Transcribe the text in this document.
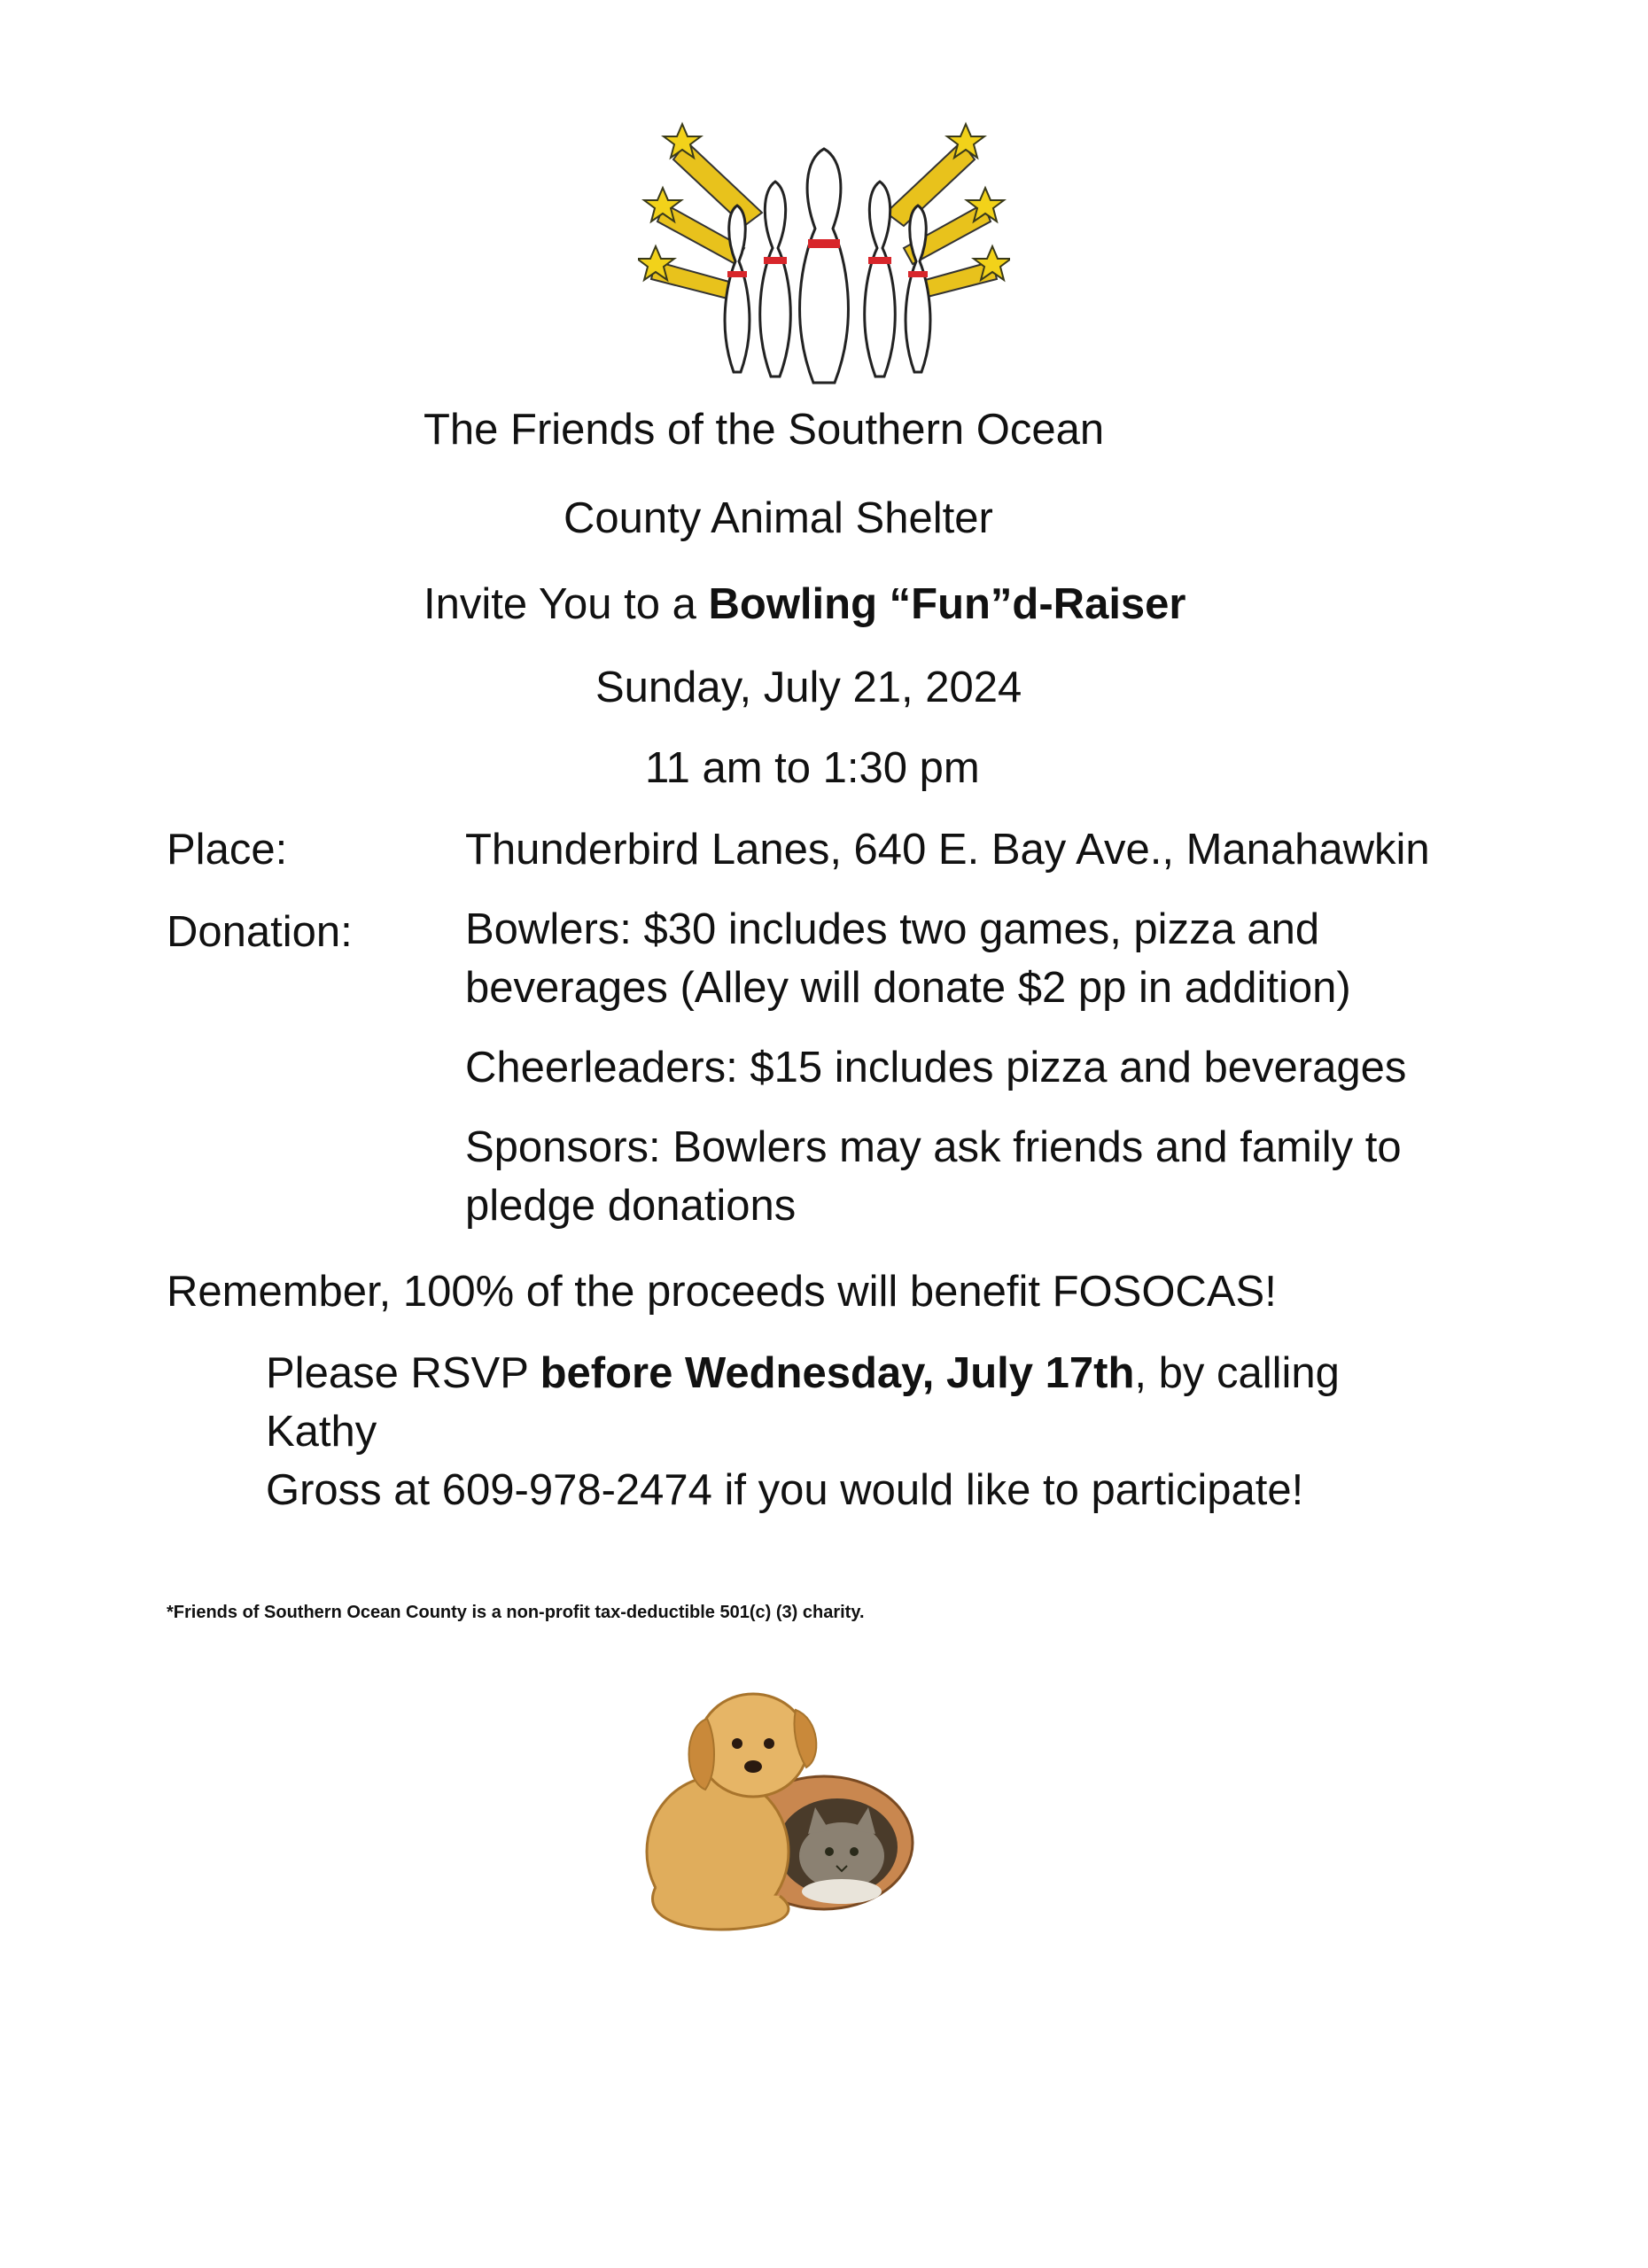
The Friends of the Southern Ocean
County Animal Shelter
Invite You to a Bowling “Fun”d-Raiser
Sunday, July 21, 2024
11 am to 1:30 pm
Place:	Thunderbird Lanes, 640 E. Bay Ave., Manahawkin
Donation:	Bowlers: $30 includes two games, pizza and beverages (Alley will donate $2 pp in addition)
Cheerleaders: $15 includes pizza and beverages
Sponsors: Bowlers may ask friends and family to pledge donations
Remember, 100% of the proceeds will benefit FOSOCAS!
Please RSVP before Wednesday, July 17th, by calling
Kathy
Gross at 609-978-2474 if you would like to participate!
*Friends of Southern Ocean County is a non-profit tax-deductible 501(c) (3) charity.
